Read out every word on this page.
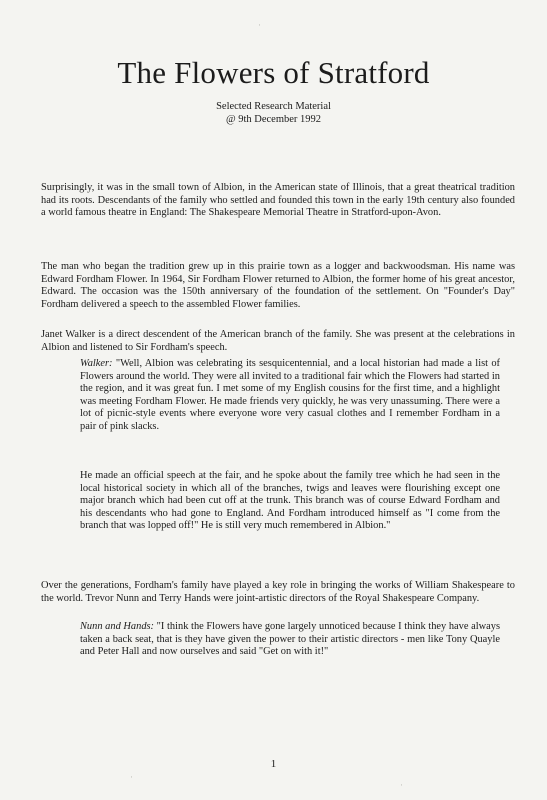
·
·
·
The Flowers of Stratford
Selected Research Material
@ 9th December 1992

Surprisingly, it was in the small town of Albion, in the American state of Illinois, that a great theatrical tradition had its roots. Descendants of the family who settled and founded this town in the early 19th century also founded a world famous theatre in England: The Shakespeare Memorial Theatre in Stratford-upon-Avon.

The man who began the tradition grew up in this prairie town as a logger and backwoodsman. His name was Edward Fordham Flower. In 1964, Sir Fordham Flower returned to Albion, the former home of his great ancestor, Edward. The occasion was the 150th anniversary of the foundation of the settlement. On "Founder's Day" Fordham delivered a speech to the assembled Flower families.

Janet Walker is a direct descendent of the American branch of the family. She was present at the celebrations in Albion and listened to Sir Fordham's speech.

Walker: "Well, Albion was celebrating its sesquicentennial, and a local historian had made a list of Flowers around the world. They were all invited to a traditional fair which the Flowers had started in the region, and it was great fun. I met some of my English cousins for the first time, and a highlight was meeting Fordham Flower. He made friends very quickly, he was very unassuming. There were a lot of picnic-style events where everyone wore very casual clothes and I remember Fordham in a pair of pink slacks.

He made an official speech at the fair, and he spoke about the family tree which he had seen in the local historical society in which all of the branches, twigs and leaves were flourishing except one major branch which had been cut off at the trunk. This branch was of course Edward Fordham and his descendants who had gone to England. And Fordham introduced himself as "I come from the branch that was lopped off!" He is still very much remembered in Albion."

Over the generations, Fordham's family have played a key role in bringing the works of William Shakespeare to the world. Trevor Nunn and Terry Hands were joint-artistic directors of the Royal Shakespeare Company.

Nunn and Hands: "I think the Flowers have gone largely unnoticed because I think they have always taken a back seat, that is they have given the power to their artistic directors - men like Tony Quayle and Peter Hall and now ourselves and said "Get on with it!"

1
